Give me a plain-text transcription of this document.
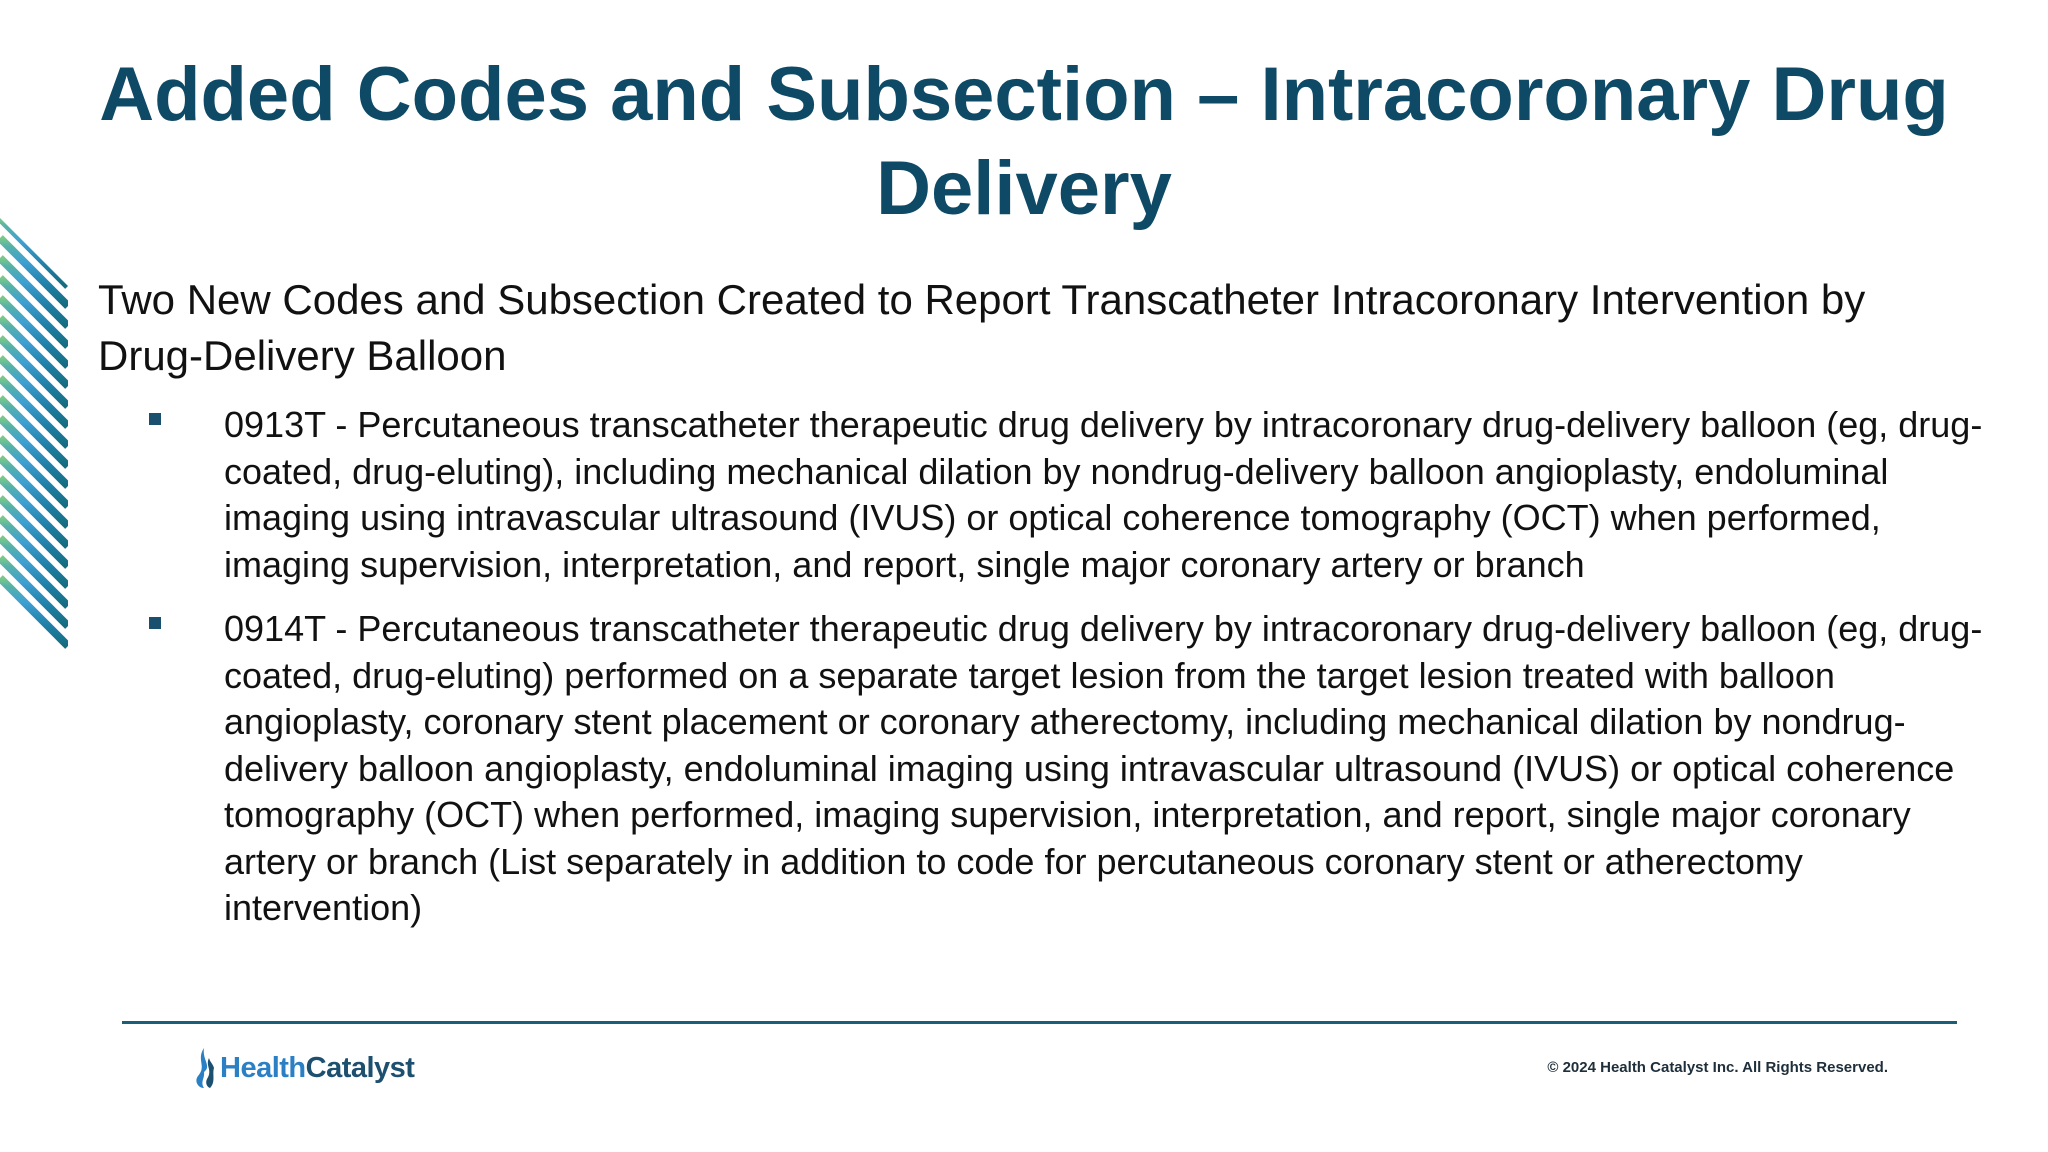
Added Codes and Subsection – Intracoronary Drug Delivery

Two New Codes and Subsection Created to Report Transcatheter Intracoronary Intervention by Drug-Delivery Balloon

0913T - Percutaneous transcatheter therapeutic drug delivery by intracoronary drug-delivery balloon (eg, drug-coated, drug-eluting), including mechanical dilation by nondrug-delivery balloon angioplasty, endoluminal imaging using intravascular ultrasound (IVUS) or optical coherence tomography (OCT) when performed, imaging supervision, interpretation, and report, single major coronary artery or branch
0914T - Percutaneous transcatheter therapeutic drug delivery by intracoronary drug-delivery balloon (eg, drug-coated, drug-eluting) performed on a separate target lesion from the target lesion treated with balloon angioplasty, coronary stent placement or coronary atherectomy, including mechanical dilation by nondrug-delivery balloon angioplasty, endoluminal imaging using intravascular ultrasound (IVUS) or optical coherence tomography (OCT) when performed, imaging supervision, interpretation, and report, single major coronary artery or branch (List separately in addition to code for percutaneous coronary stent or atherectomy intervention)
Health Catalyst	© 2024 Health Catalyst Inc. All Rights Reserved.
